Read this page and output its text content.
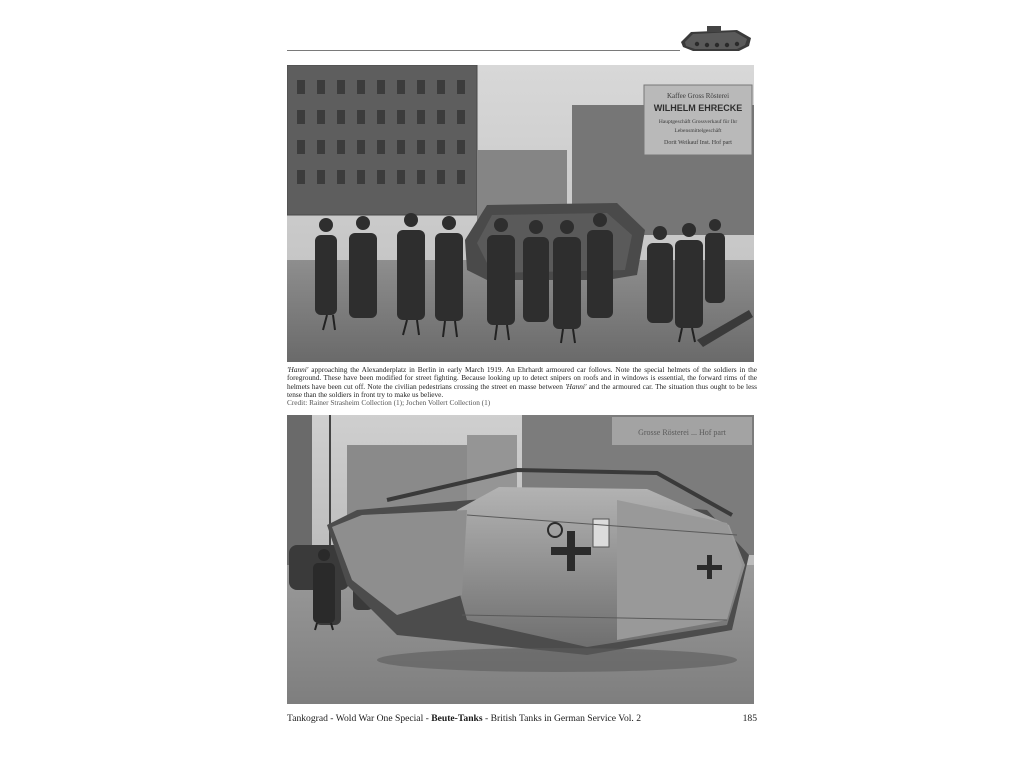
Kaffee Gross Rösterei
WILHELM EHRECKE
Hauptgeschäft Grossverkauf für Ihr
Lebensmittelgeschäft
Dorit Weikauf Inst. Hof part
'Hanni' approaching the Alexanderplatz in Berlin in early March 1919. An Ehrhardt armoured car follows. Note the special helmets of the soldiers in the foreground. These have been modified for street fighting. Because looking up to detect snipers on roofs and in windows is essential, the forward rims of the helmets have been cut off. Note the civilian pedestrians crossing the street en masse between 'Hanni' and the armoured car. The situation thus ought to be less tense than the soldiers in front try to make us believe.
Credit: Rainer Strasheim Collection (1); Jochen Vollert Collection (1)
Grosse Rösterei ... Hof part
Tankograd - Wold War One Special - Beute-Tanks - British Tanks in German Service Vol. 2	185
